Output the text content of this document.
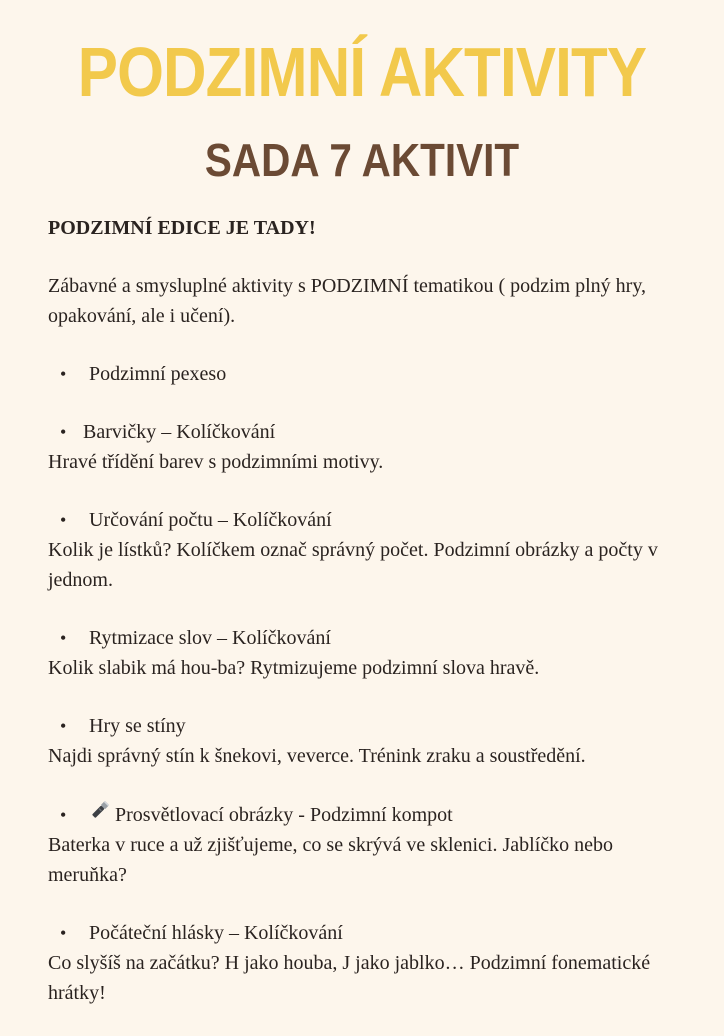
PODZIMNÍ AKTIVITY
SADA 7 AKTIVIT
PODZIMNÍ EDICE JE TADY!
Zábavné a smysluplné aktivity s PODZIMNÍ tematikou ( podzim plný hry, opakování, ale i učení).
•	Podzimní pexeso
• Barvičky – Kolíčkování

Hravé třídění barev s podzimními motivy.

•	Určování počtu – Kolíčkování

Kolik je lístků? Kolíčkem označ správný počet. Podzimní obrázky a počty v jednom.

•	Rytmizace slov – Kolíčkování

Kolik slabik má hou-ba? Rytmizujeme podzimní slova hravě.

•	Hry se stíny

Najdi správný stín k šnekovi, veverce. Trénink zraku a soustředění.

•	Prosvětlovací obrázky - Podzimní kompot

Baterka v ruce a už zjišťujeme, co se skrývá ve sklenici. Jablíčko nebo meruňka?

•	Počáteční hlásky – Kolíčkování

Co slyšíš na začátku? H jako houba, J jako jablko… Podzimní fonematické hrátky!
